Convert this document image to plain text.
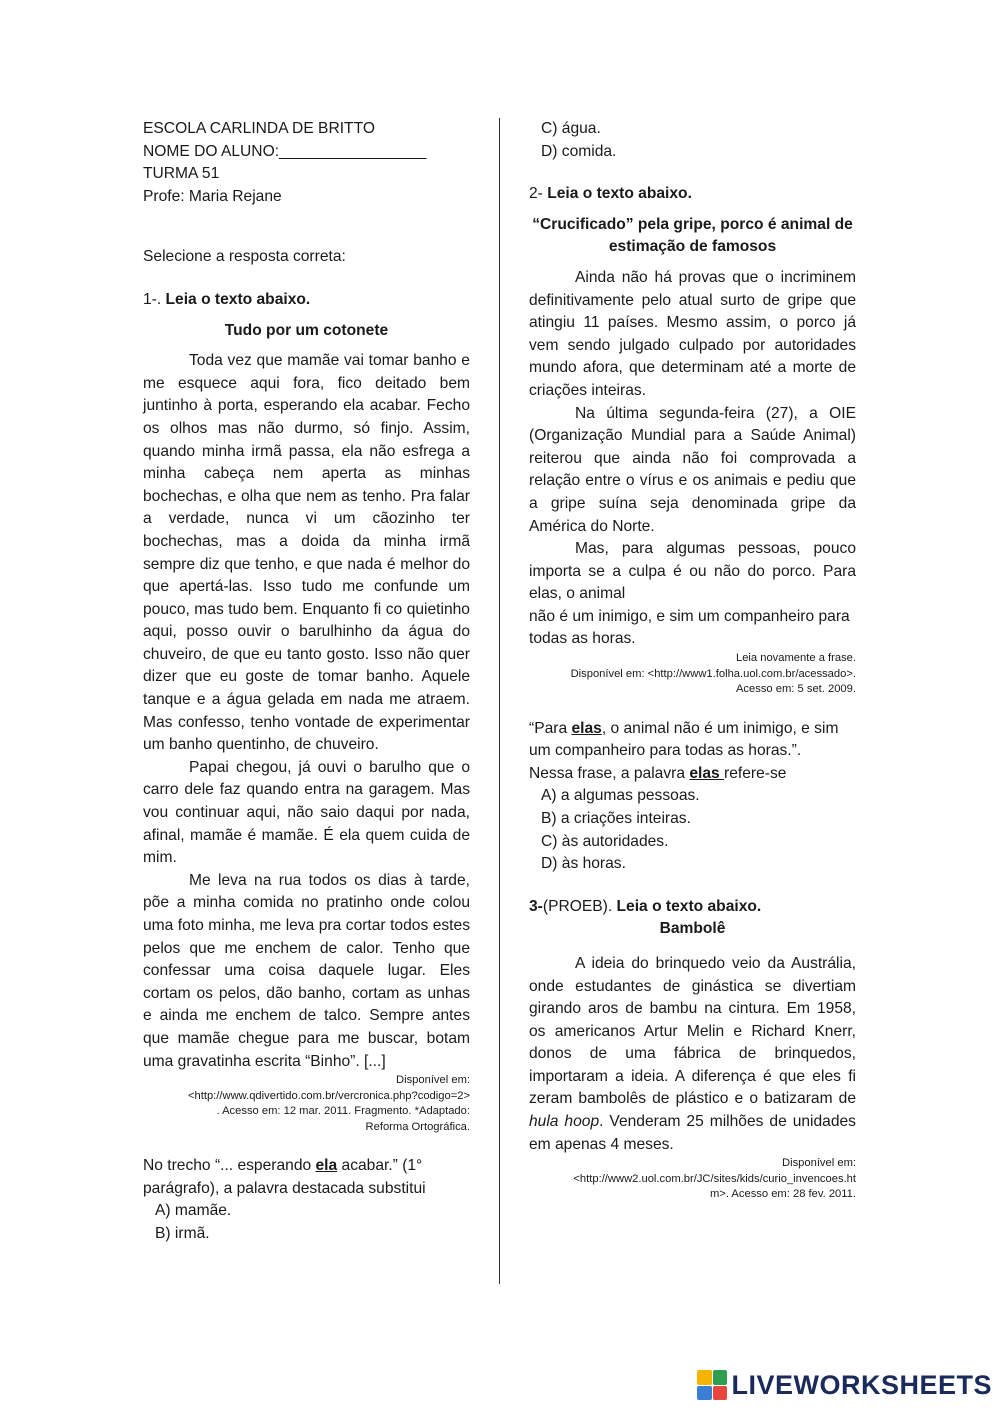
ESCOLA CARLINDA DE BRITTO

NOME DO ALUNO:_________________

TURMA 51

Profe: Maria Rejane

Selecione a resposta correta:

1-. Leia o texto abaixo.

Tudo por um cotonete

Toda vez que mamãe vai tomar banho e me esquece aqui fora, fico deitado bem juntinho à porta, esperando ela acabar. Fecho os olhos mas não durmo, só finjo. Assim, quando minha irmã passa, ela não esfrega a minha cabeça nem aperta as minhas bochechas, e olha que nem as tenho. Pra falar a verdade, nunca vi um cãozinho ter bochechas, mas a doida da minha irmã sempre diz que tenho, e que nada é melhor do que apertá-las. Isso tudo me confunde um pouco, mas tudo bem. Enquanto fi co quietinho aqui, posso ouvir o barulhinho da água do chuveiro, de que eu tanto gosto. Isso não quer dizer que eu goste de tomar banho. Aquele tanque e a água gelada em nada me atraem. Mas confesso, tenho vontade de experimentar um banho quentinho, de chuveiro.

Papai chegou, já ouvi o barulho que o carro dele faz quando entra na garagem. Mas vou continuar aqui, não saio daqui por nada, afinal, mamãe é mamãe. É ela quem cuida de mim.

Me leva na rua todos os dias à tarde, põe a minha comida no pratinho onde colou uma foto minha, me leva pra cortar todos estes pelos que me enchem de calor. Tenho que confessar uma coisa daquele lugar. Eles cortam os pelos, dão banho, cortam as unhas e ainda me enchem de talco. Sempre antes que mamãe chegue para me buscar, botam uma gravatinha escrita “Binho”. [...]

Disponível em:
<http://www.qdivertido.com.br/vercronica.php?codigo=2>
. Acesso em: 12 mar. 2011. Fragmento. *Adaptado:
Reforma Ortográfica.

No trecho “... esperando ela acabar.” (1° parágrafo), a palavra destacada substitui

A) mamãe.

B) irmã.

C) água.

D) comida.

2- Leia o texto abaixo.

“Crucificado” pela gripe, porco é animal de estimação de famosos

Ainda não há provas que o incriminem definitivamente pelo atual surto de gripe que atingiu 11 países. Mesmo assim, o porco já vem sendo julgado culpado por autoridades mundo afora, que determinam até a morte de criações inteiras.

Na última segunda-feira (27), a OIE (Organização Mundial para a Saúde Animal) reiterou que ainda não foi comprovada a relação entre o vírus e os animais e pediu que a gripe suína seja denominada gripe da América do Norte.

Mas, para algumas pessoas, pouco importa se a culpa é ou não do porco. Para elas, o animal

não é um inimigo, e sim um companheiro para todas as horas.

Leia novamente a frase.
Disponível em: <http://www1.folha.uol.com.br/acessado>.
Acesso em: 5 set. 2009.

“Para elas, o animal não é um inimigo, e sim um companheiro para todas as horas.”.

Nessa frase, a palavra elas refere-se

A) a algumas pessoas.

B) a criações inteiras.

C) às autoridades.

D) às horas.

3-(PROEB). Leia o texto abaixo.

Bambolê

A ideia do brinquedo veio da Austrália, onde estudantes de ginástica se divertiam girando aros de bambu na cintura. Em 1958, os americanos Artur Melin e Richard Knerr, donos de uma fábrica de brinquedos, importaram a ideia. A diferença é que eles fi zeram bambolês de plástico e o batizaram de hula hoop. Venderam 25 milhões de unidades em apenas 4 meses.

Disponível em:
<http://www2.uol.com.br/JC/sites/kids/curio_invencoes.ht
m>. Acesso em: 28 fev. 2011.
LIVEWORKSHEETS
